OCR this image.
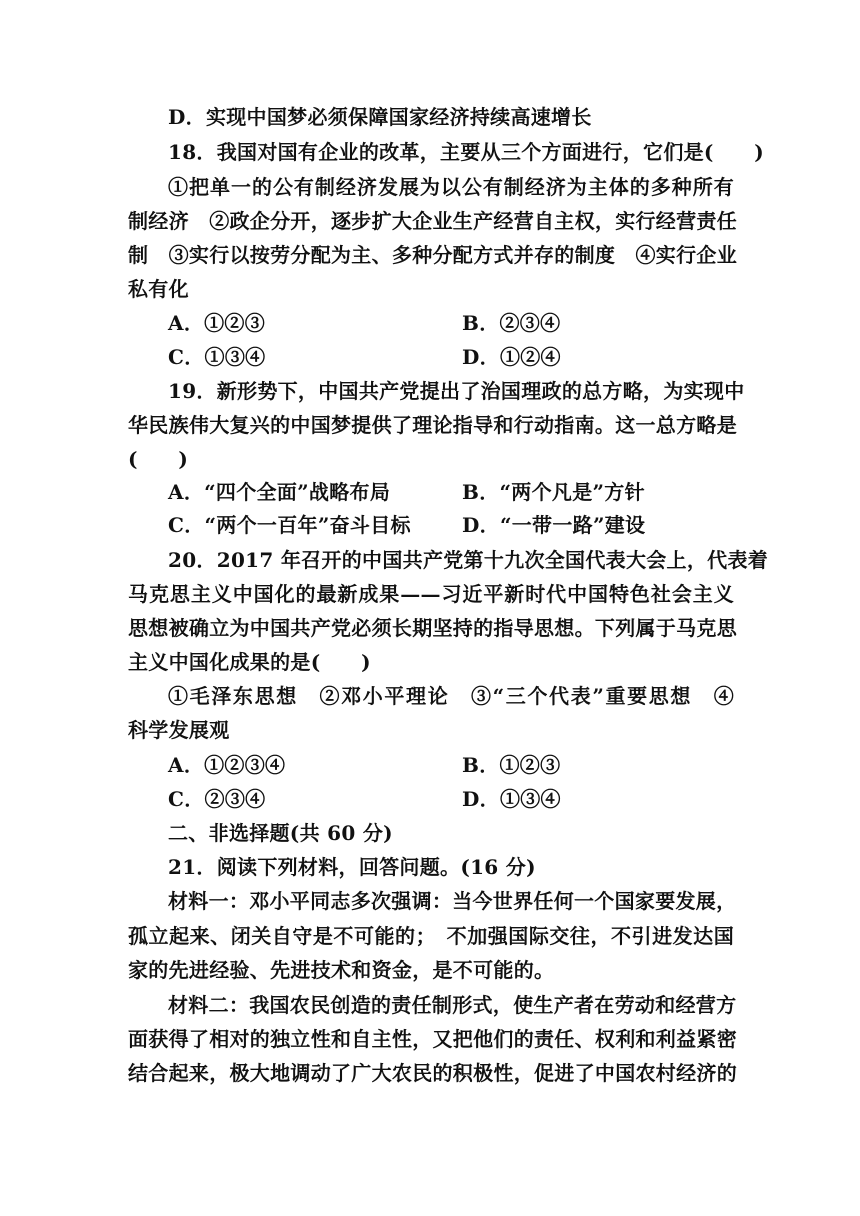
D．实现中国梦必须保障国家经济持续高速增长
18．我国对国有企业的改革，主要从三个方面进行，它们是(　　)
①把单一的公有制经济发展为以公有制经济为主体的多种所有
制经济　②政企分开，逐步扩大企业生产经营自主权，实行经营责任
制　③实行以按劳分配为主、多种分配方式并存的制度　④实行企业
私有化
A．①②③	B．②③④
C．①③④	D．①②④
19．新形势下，中国共产党提出了治国理政的总方略，为实现中
华民族伟大复兴的中国梦提供了理论指导和行动指南。这一总方略是
(　　)
A．“四个全面”战略布局	B．“两个凡是”方针
C．“两个一百年”奋斗目标	D．“一带一路”建设
20．2017 年召开的中国共产党第十九次全国代表大会上，代表着
马克思主义中国化的最新成果——习近平新时代中国特色社会主义
思想被确立为中国共产党必须长期坚持的指导思想。下列属于马克思
主义中国化成果的是(　　)
①毛泽东思想　②邓小平理论　③“三个代表”重要思想　④
科学发展观
A．①②③④	B．①②③
C．②③④	D．①③④
二、非选择题(共 60 分)
21．阅读下列材料，回答问题。(16 分)
材料一：邓小平同志多次强调：当今世界任何一个国家要发展，
孤立起来、闭关自守是不可能的；　不加强国际交往，不引进发达国
家的先进经验、先进技术和资金，是不可能的。
材料二：我国农民创造的责任制形式，使生产者在劳动和经营方
面获得了相对的独立性和自主性，又把他们的责任、权利和利益紧密
结合起来，极大地调动了广大农民的积极性，促进了中国农村经济的
